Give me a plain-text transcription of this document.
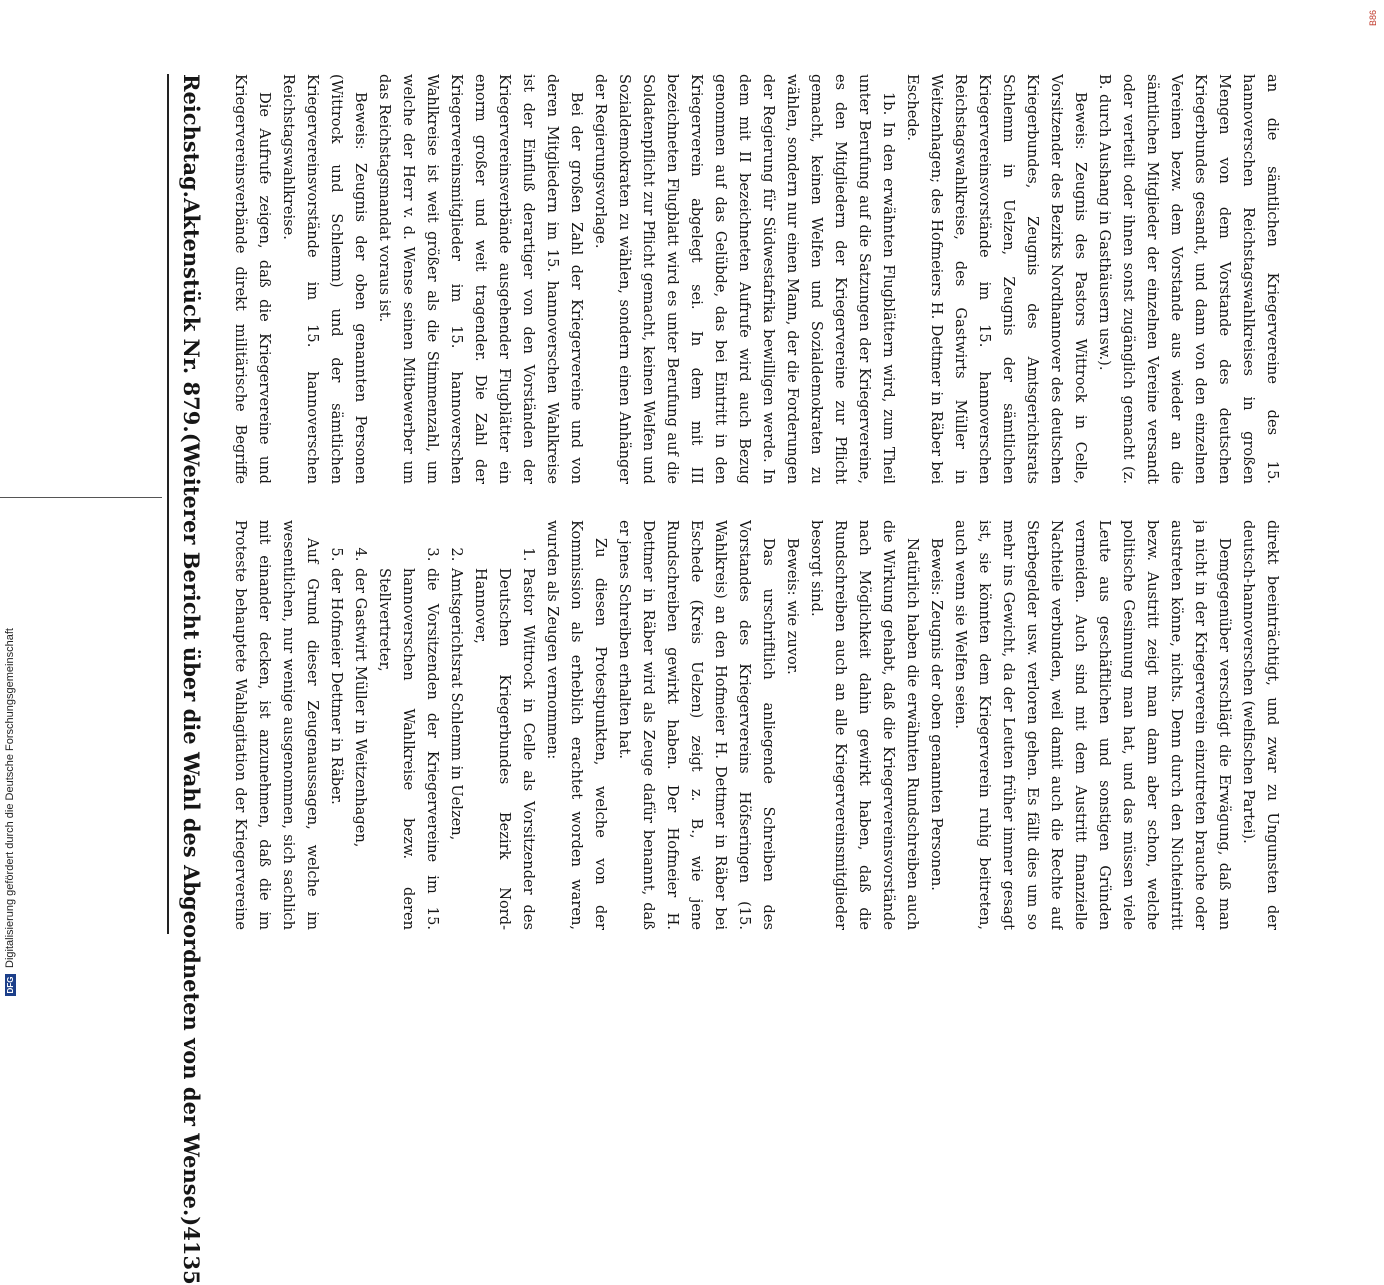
Reichstag.
Aktenstück Nr. 879.
(Weiterer Bericht über die Wahl des Abgeordneten von der Wense.)
4135

an die sämtlichen Kriegervereine des 15. hannoverschen Reichstagswahlkreises in großen Mengen von dem Vorstande des deutschen Kriegerbundes gesandt, und dann von den einzelnen Vereinen bezw. dem Vorstande aus wieder an die sämtlichen Mitglieder der einzelnen Vereine versandt oder verteilt oder ihnen sonst zugänglich gemacht (z. B. durch Aushang in Gasthäusern usw.).

Beweis: Zeugnis des Pastors Wittrock in Celle, Vorsitzender des Bezirks Nordhannover des deutschen Kriegerbundes, Zeugnis des Amtsgerichtsrats Schlemm in Uelzen, Zeugnis der sämtlichen Kriegervereinsvorstände im 15. hannoverschen Reichstagswahlkreise, des Gastwirts Müller in Weitzenhagen; des Hofmeiers H. Dettmer in Räber bei Eschede.

1b. In den erwähnten Flugblättern wird, zum Theil unter Berufung auf die Satzungen der Kriegervereine, es den Mitgliedern der Kriegervereine zur Pflicht gemacht, keinen Welfen und Sozialdemokraten zu wählen, sondern nur einen Mann, der die Forderungen der Regierung für Südwestafrika bewilligen werde. In dem mit II bezeichneten Aufrufe wird auch Bezug genommen auf das Gelübde, das bei Eintritt in den Kriegerverein abgelegt sei. In dem mit III bezeichneten Flugblatt wird es unter Berufung auf die Soldatenpflicht zur Pflicht gemacht, keinen Welfen und Sozialdemokraten zu wählen, sondern einen Anhänger der Regierungsvorlage.

Bei der großen Zahl der Kriegervereine und von deren Mitgliedern im 15. hannoverschen Wahlkreise ist der Einfluß derartiger von den Vorständen der Kriegervereinsverbände ausgehender Flugblätter ein enorm großer und weit tragender. Die Zahl der Kriegervereinsmitglieder im 15. hannoverschen Wahlkreise ist weit größer als die Stimmenzahl, um welche der Herr v. d. Wense seinen Mitbewerber um das Reichstagsmandat voraus ist.

Beweis: Zeugnis der oben genannten Personen (Wittrock und Schlemm) und der sämtlichen Kriegervereinsvorstände im 15. hannoverschen Reichstagswahlkreise.

Die Aufrufe zeigen, daß die Kriegervereine und Kriegervereinsverbände direkt militärische Begriffe

direkt beeinträchtigt, und zwar zu Ungunsten der deutsch-hannoverschen (welfischen Partei).

Demgegenüber verschlägt die Erwägung, daß man ja nicht in der Kriegerverein einzutreten brauche oder austreten könne, nichts. Denn durch den Nichteintritt bezw. Austritt zeigt man dann aber schon, welche politische Gesinnung man hat, und das müssen viele Leute aus geschäftlichen und sonstigen Gründen vermeiden. Auch sind mit dem Austritt finanzielle Nachteile verbunden, weil damit auch die Rechte auf Sterbegelder usw. verloren gehen. Es fällt dies um so mehr ins Gewicht, da der Leuten früher immer gesagt ist, sie könnten dem Kriegerverein ruhig beitreten, auch wenn sie Welfen seien.

Beweis: Zeugnis der oben genannten Personen.

Natürlich haben die erwähnten Rundschreiben auch die Wirkung gehabt, daß die Kriegervereinsvorstände nach Möglichkeit dahin gewirkt haben, daß die Rundschreiben auch an alle Kriegervereinsmitglieder besorgt sind.

Beweis: wie zuvor.

Das urschriftlich anliegende Schreiben des Vorstandes des Kriegervereins Höfseringen (15. Wahlkreis) an den Hofmeier H. Dettmer in Räber bei Eschede (Kreis Uelzen) zeigt z. B., wie jene Rundschreiben gewirkt haben. Der Hofmeier H. Dettmer in Räber wird als Zeuge dafür benannt, daß er jenes Schreiben erhalten hat.

Zu diesen Protestpunkten, welche von der Kommission als erheblich erachtet worden waren, wurden als Zeugen vernommen:

1. Pastor Wittrock in Celle als Vorsitzender des Deutschen Kriegerbundes Bezirk Nord-Hannover,
2. Amtsgerichtsrat Schlemm in Uelzen,
3. die Vorsitzenden der Kriegervereine im 15. hannoverschen Wahlkreise bezw. deren Stellvertreter,
4. der Gastwirt Müller in Weitzenhagen,
5. der Hofmeier Dettmer in Räber.

Auf Grund dieser Zeugenaussagen, welche im wesentlichen, nur wenige ausgenommen, sich sachlich mit einander decken, ist anzunehmen, daß die im Proteste behauptete Wahlagitation der Kriegervereine

DFG
Digitalisierung gefördert durch die Deutsche Forschungsgemeinschaft
B86
